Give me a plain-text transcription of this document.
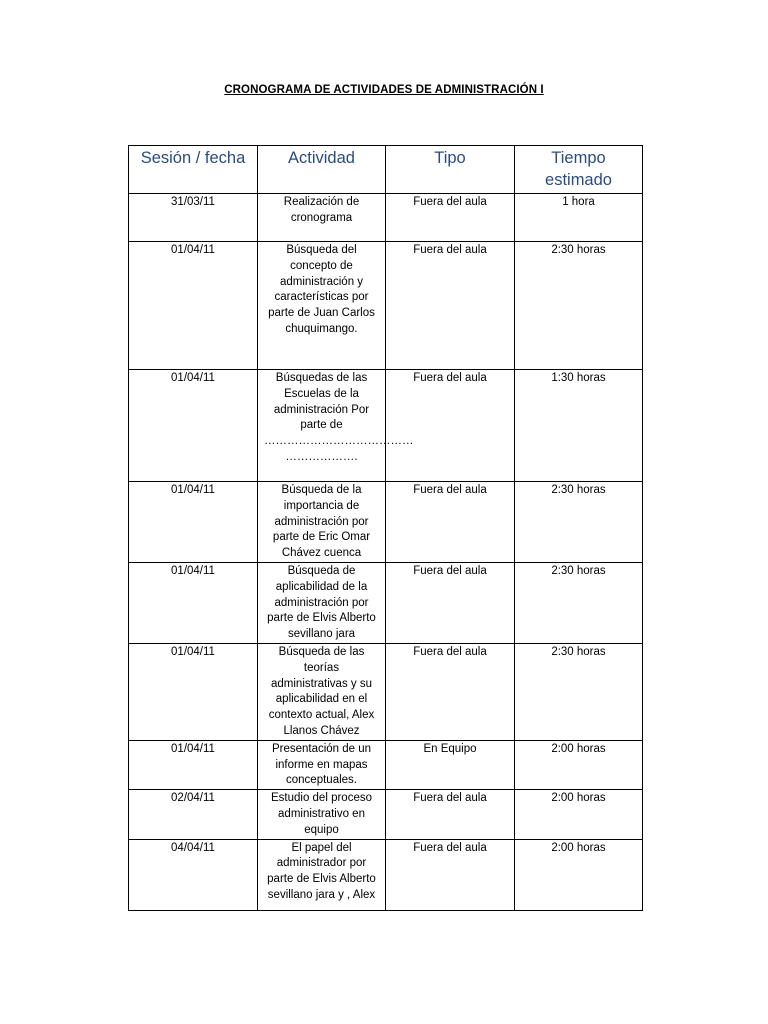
CRONOGRAMA DE ACTIVIDADES DE ADMINISTRACIÓN I
Sesión / fecha	Actividad	Tipo	Tiempo estimado
31/03/11	Realización de cronograma	Fuera del aula	1 hora
01/04/11	Búsqueda del concepto de administración y características por parte de Juan Carlos chuquimango.	Fuera del aula	2:30 horas
01/04/11	Búsquedas de las Escuelas de la administración Por parte de ………………………………… ……………….	Fuera del aula	1:30 horas
01/04/11	Búsqueda de la importancia de administración por parte de Eric Omar Chávez cuenca	Fuera del aula	2:30 horas
01/04/11	Búsqueda de aplicabilidad de la administración por parte de Elvis Alberto sevillano jara	Fuera del aula	2:30 horas
01/04/11	Búsqueda de las teorías administrativas y su aplicabilidad en el contexto actual, Alex Llanos Chávez	Fuera del aula	2:30 horas
01/04/11	Presentación de un informe en mapas conceptuales.	En Equipo	2:00 horas
02/04/11	Estudio del proceso administrativo en equipo	Fuera del aula	2:00 horas
04/04/11	El papel del administrador por parte de Elvis Alberto sevillano jara y , Alex	Fuera del aula	2:00 horas
